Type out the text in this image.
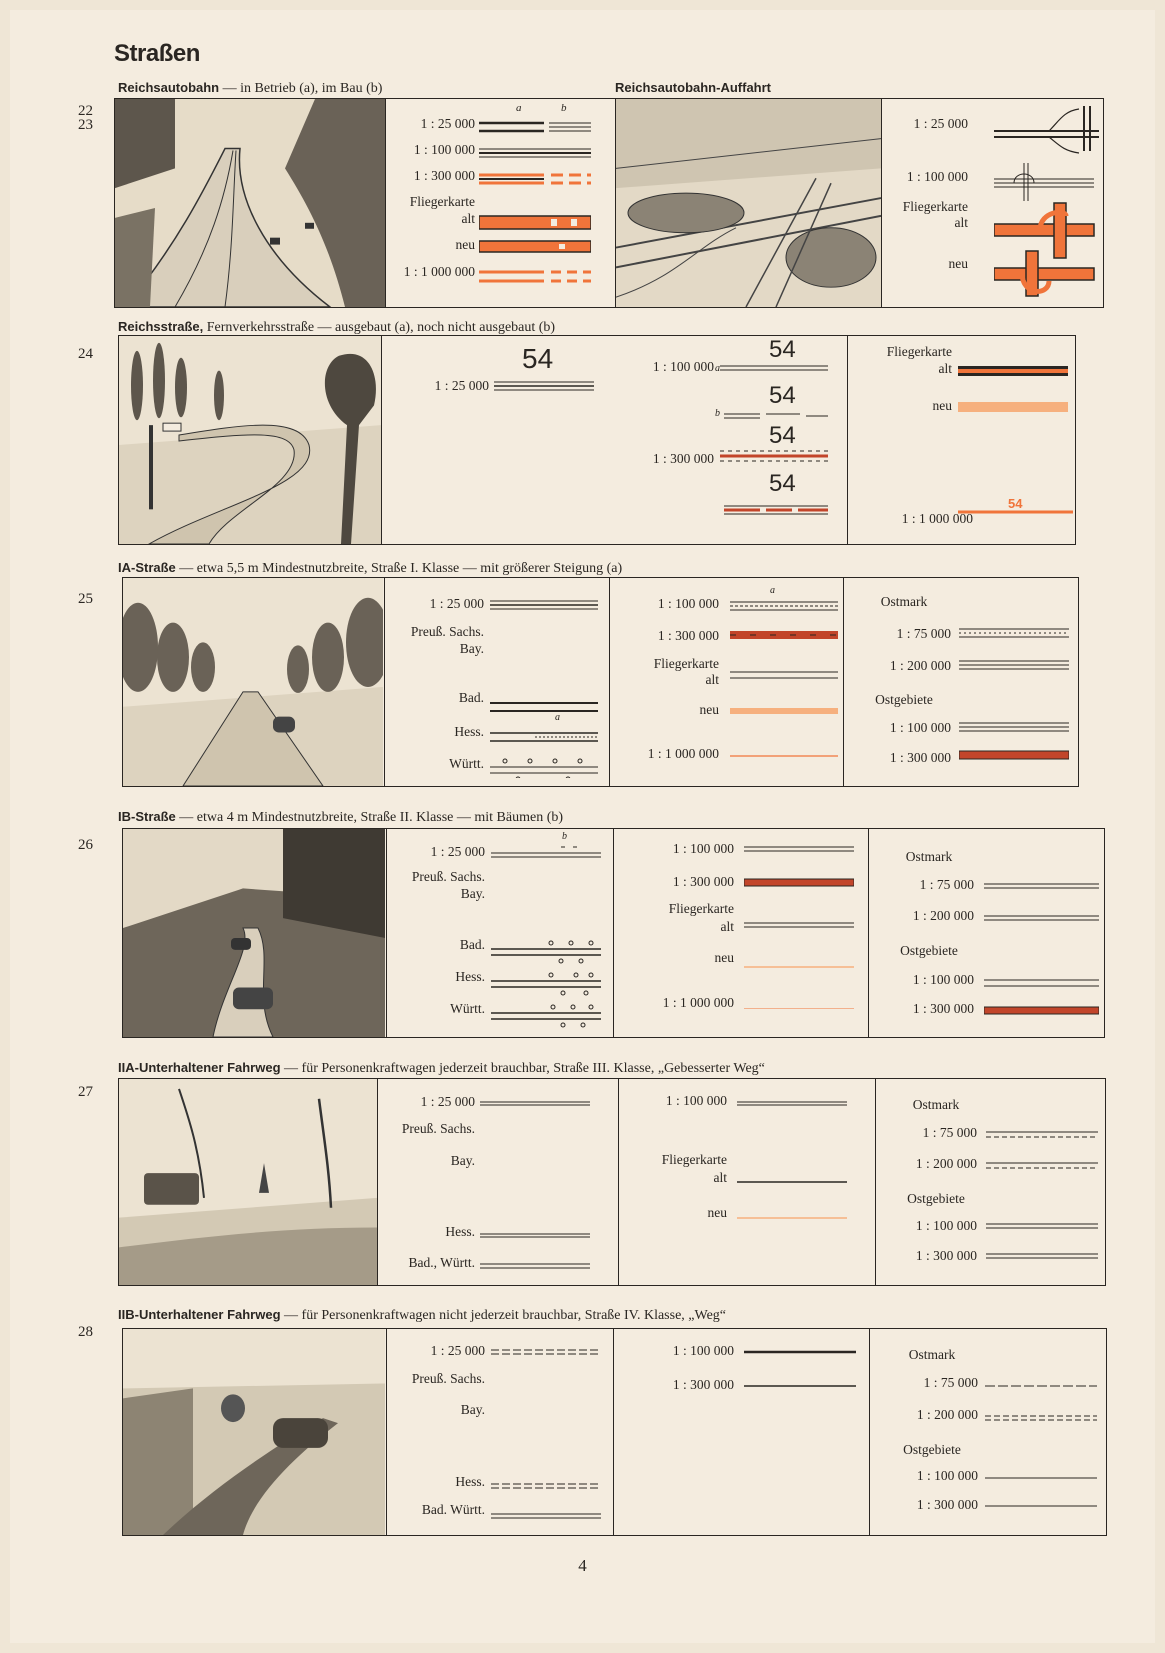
Straßen
Reichsautobahn — in Betrieb (a), im Bau (b)	Reichsautobahn-Auffahrt
22
23
a	b
1 : 25 000
1 : 100 000
1 : 300 000
Fliegerkarte
alt
neu
1 : 1 000 000
1 : 25 000
1 : 100 000
Fliegerkarte
alt
neu
Reichsstraße, Fernverkehrsstraße — ausgebaut (a), noch nicht ausgebaut (b)
24	54
1 : 25 000
1 : 100 000
1 : 300 000
54
54
54
54
a
b
Fliegerkarte
alt
neu
1 : 1 000 000
54
IA-Straße — etwa 5,5 m Mindestnutzbreite, Straße I. Klasse — mit größerer Steigung (a)
25	1 : 25 000
Preuß. Sachs.
Bay.
Bad.
Hess.
Württ.
a
1 : 100 000
1 : 300 000
Fliegerkarte
alt
neu
1 : 1 000 000
a
Ostmark
1 : 75 000
1 : 200 000
Ostgebiete
1 : 100 000
1 : 300 000
IB-Straße — etwa 4 m Mindestnutzbreite, Straße II. Klasse — mit Bäumen (b)
26	1 : 25 000
Preuß. Sachs.
Bay.
Bad.
Hess.
Württ.
b
1 : 100 000
1 : 300 000
Fliegerkarte
alt
neu
1 : 1 000 000
Ostmark
1 : 75 000
1 : 200 000
Ostgebiete
1 : 100 000
1 : 300 000
IIA-Unterhaltener Fahrweg — für Personenkraftwagen jederzeit brauchbar, Straße III. Klasse, „Gebesserter Weg“
27
1 : 25 000
Preuß. Sachs.
Bay.
Hess.
Bad., Württ.
1 : 100 000
Fliegerkarte
alt
neu
Ostmark
1 : 75 000
1 : 200 000
Ostgebiete
1 : 100 000
1 : 300 000
IIB-Unterhaltener Fahrweg — für Personenkraftwagen nicht jederzeit brauchbar, Straße IV. Klasse, „Weg“
28
1 : 25 000
Preuß. Sachs.
Bay.
Hess.
Bad. Württ.
1 : 100 000
1 : 300 000
Ostmark
1 : 75 000
1 : 200 000
Ostgebiete
1 : 100 000
1 : 300 000
4
